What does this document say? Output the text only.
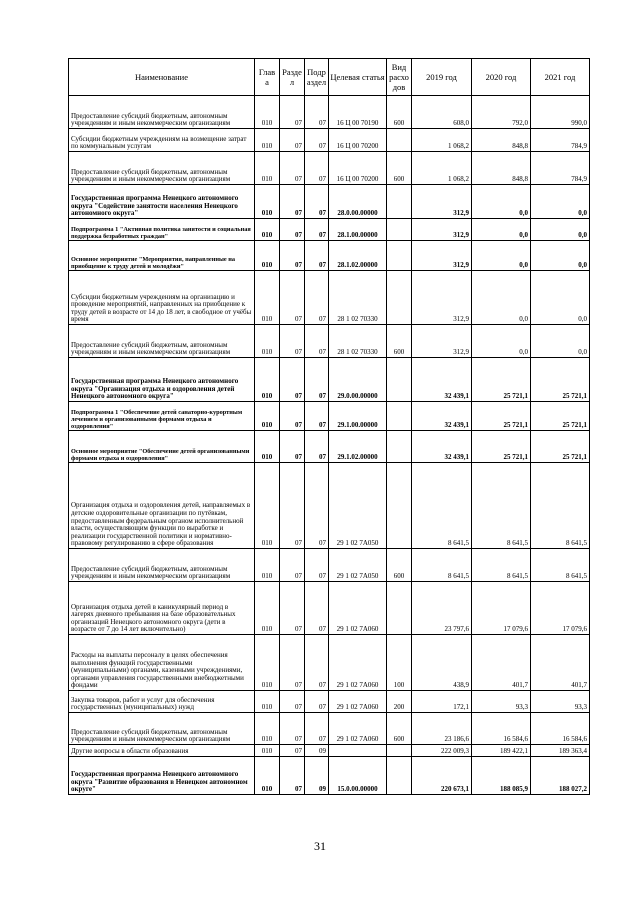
Наименование	Глав а	Разде л	Подр аздел	Целевая статья	Вид расхо дов	2019 год	2020 год	2021 год
Предоставление субсидий бюджетным, автономным учреждениям и иным некоммерческим организациям	010	07	07	16 Ц 00 70190	600	608,0	792,0	990,0
Субсидии бюджетным учреждениям на возмещение затрат по коммунальным услугам	010	07	07	16 Ц 00 70200		1 068,2	848,8	784,9
Предоставление субсидий бюджетным, автономным учреждениям и иным некоммерческим организациям	010	07	07	16 Ц 00 70200	600	1 068,2	848,8	784,9
Государственная программа Ненецкого автономного округа "Содействие занятости населения Ненецкого автономного округа"	010	07	07	28.0.00.00000		312,9	0,0	0,0
Подпрограмма 1 "Активная политика занятости и социальная поддержка безработных граждан"	010	07	07	28.1.00.00000		312,9	0,0	0,0
Основное мероприятие "Мероприятия, направленные на приобщение к труду детей и молодёжи"	010	07	07	28.1.02.00000		312,9	0,0	0,0
Субсидии бюджетным учреждениям на организацию и проведение мероприятий, направленных на приобщение к труду детей в возрасте от 14 до 18 лет, в свободное от учёбы время	010	07	07	28 1 02 70330		312,9	0,0	0,0
Предоставление субсидий бюджетным, автономным учреждениям и иным некоммерческим организациям	010	07	07	28 1 02 70330	600	312,9	0,0	0,0
Государственная программа Ненецкого автономного округа "Организация отдыха и оздоровления детей Ненецкого автономного округа"	010	07	07	29.0.00.00000		32 439,1	25 721,1	25 721,1
Подпрограмма 1 "Обеспечение детей санаторно-курортным лечением и организованными формами отдыха и оздоровления"	010	07	07	29.1.00.00000		32 439,1	25 721,1	25 721,1
Основное мероприятие "Обеспечение детей организованными формами отдыха и оздоровления"	010	07	07	29.1.02.00000		32 439,1	25 721,1	25 721,1
Организация отдыха и оздоровления детей, направляемых в детские оздоровительные организации по путёвкам, предоставленным федеральным органом исполнительной власти, осуществляющим функции по выработке и реализации государственной политики и нормативно-правовому регулированию в сфере образования	010	07	07	29 1 02 7А050		8 641,5	8 641,5	8 641,5
Предоставление субсидий бюджетным, автономным учреждениям и иным некоммерческим организациям	010	07	07	29 1 02 7А050	600	8 641,5	8 641,5	8 641,5
Организация отдыха детей в каникулярный период в лагерях дневного пребывания на базе образовательных организаций Ненецкого автономного округа (дети в возрасте от 7 до 14 лет включительно)	010	07	07	29 1 02 7А060		23 797,6	17 079,6	17 079,6
Расходы на выплаты персоналу в целях обеспечения выполнения функций государственными (муниципальными) органами, казенными учреждениями, органами управления государственными внебюджетными фондами	010	07	07	29 1 02 7А060	100	438,9	401,7	401,7
Закупка товаров, работ и услуг для обеспечения государственных (муниципальных) нужд	010	07	07	29 1 02 7А060	200	172,1	93,3	93,3
Предоставление субсидий бюджетным, автономным учреждениям и иным некоммерческим организациям	010	07	07	29 1 02 7А060	600	23 186,6	16 584,6	16 584,6
Другие вопросы в области образования	010	07	09			222 009,3	189 422,1	189 363,4
Государственная программа Ненецкого автономного округа "Развитие образования в Ненецком автономном округе"	010	07	09	15.0.00.00000		220 673,1	188 085,9	188 027,2
31
